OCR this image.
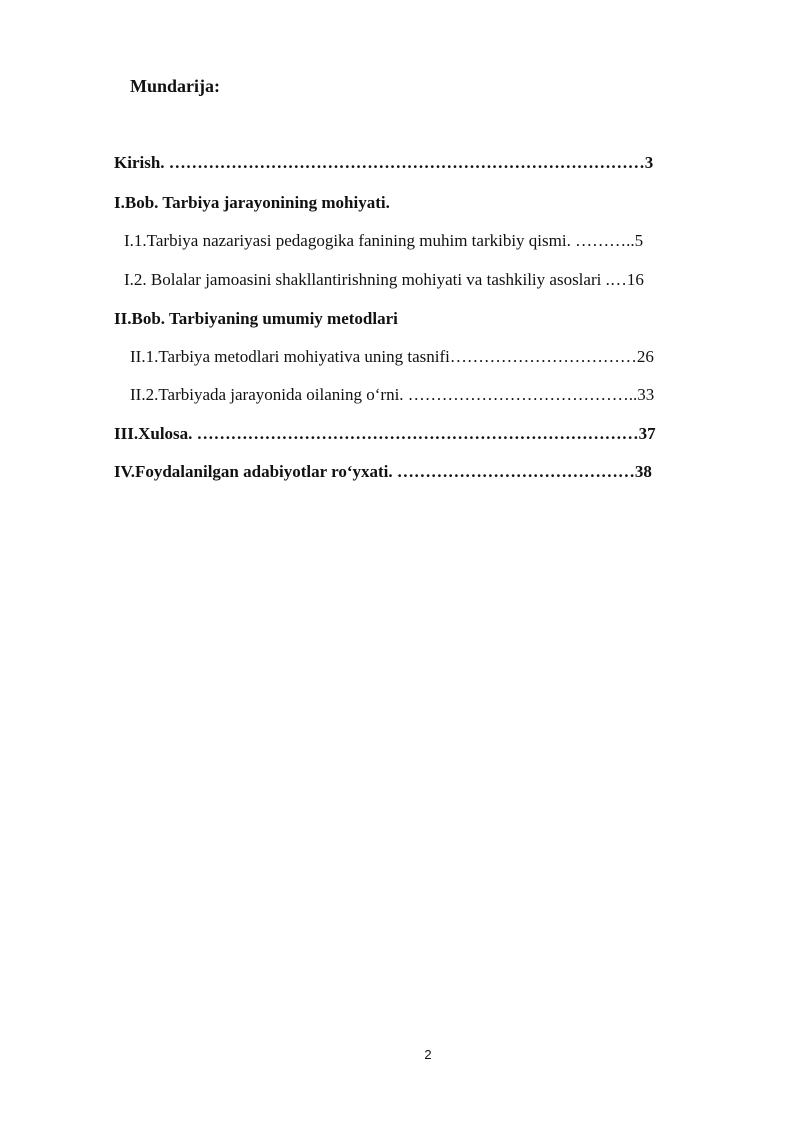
Mundarija:
Kirish. …………………………………………………………………………3
I.Bob. Tarbiya jarayonining mohiyati.
I.1.Tarbiya nazariyasi pedagogika fanining muhim tarkibiy qismi. ………..5
I.2. Bolalar jamoasini shakllantirishning mohiyati va tashkiliy asoslari .…16
II.Bob. Tarbiyaning umumiy metodlari
II.1.Tarbiya metodlari mohiyativa uning tasnifi……………………………26
II.2.Tarbiyada jarayonida oilaning o‘rni. …………………………………..33
III.Xulosa. ……………………………………………………………………37
IV.Foydalanilgan adabiyotlar ro‘yxati. ……………………………………38
2
